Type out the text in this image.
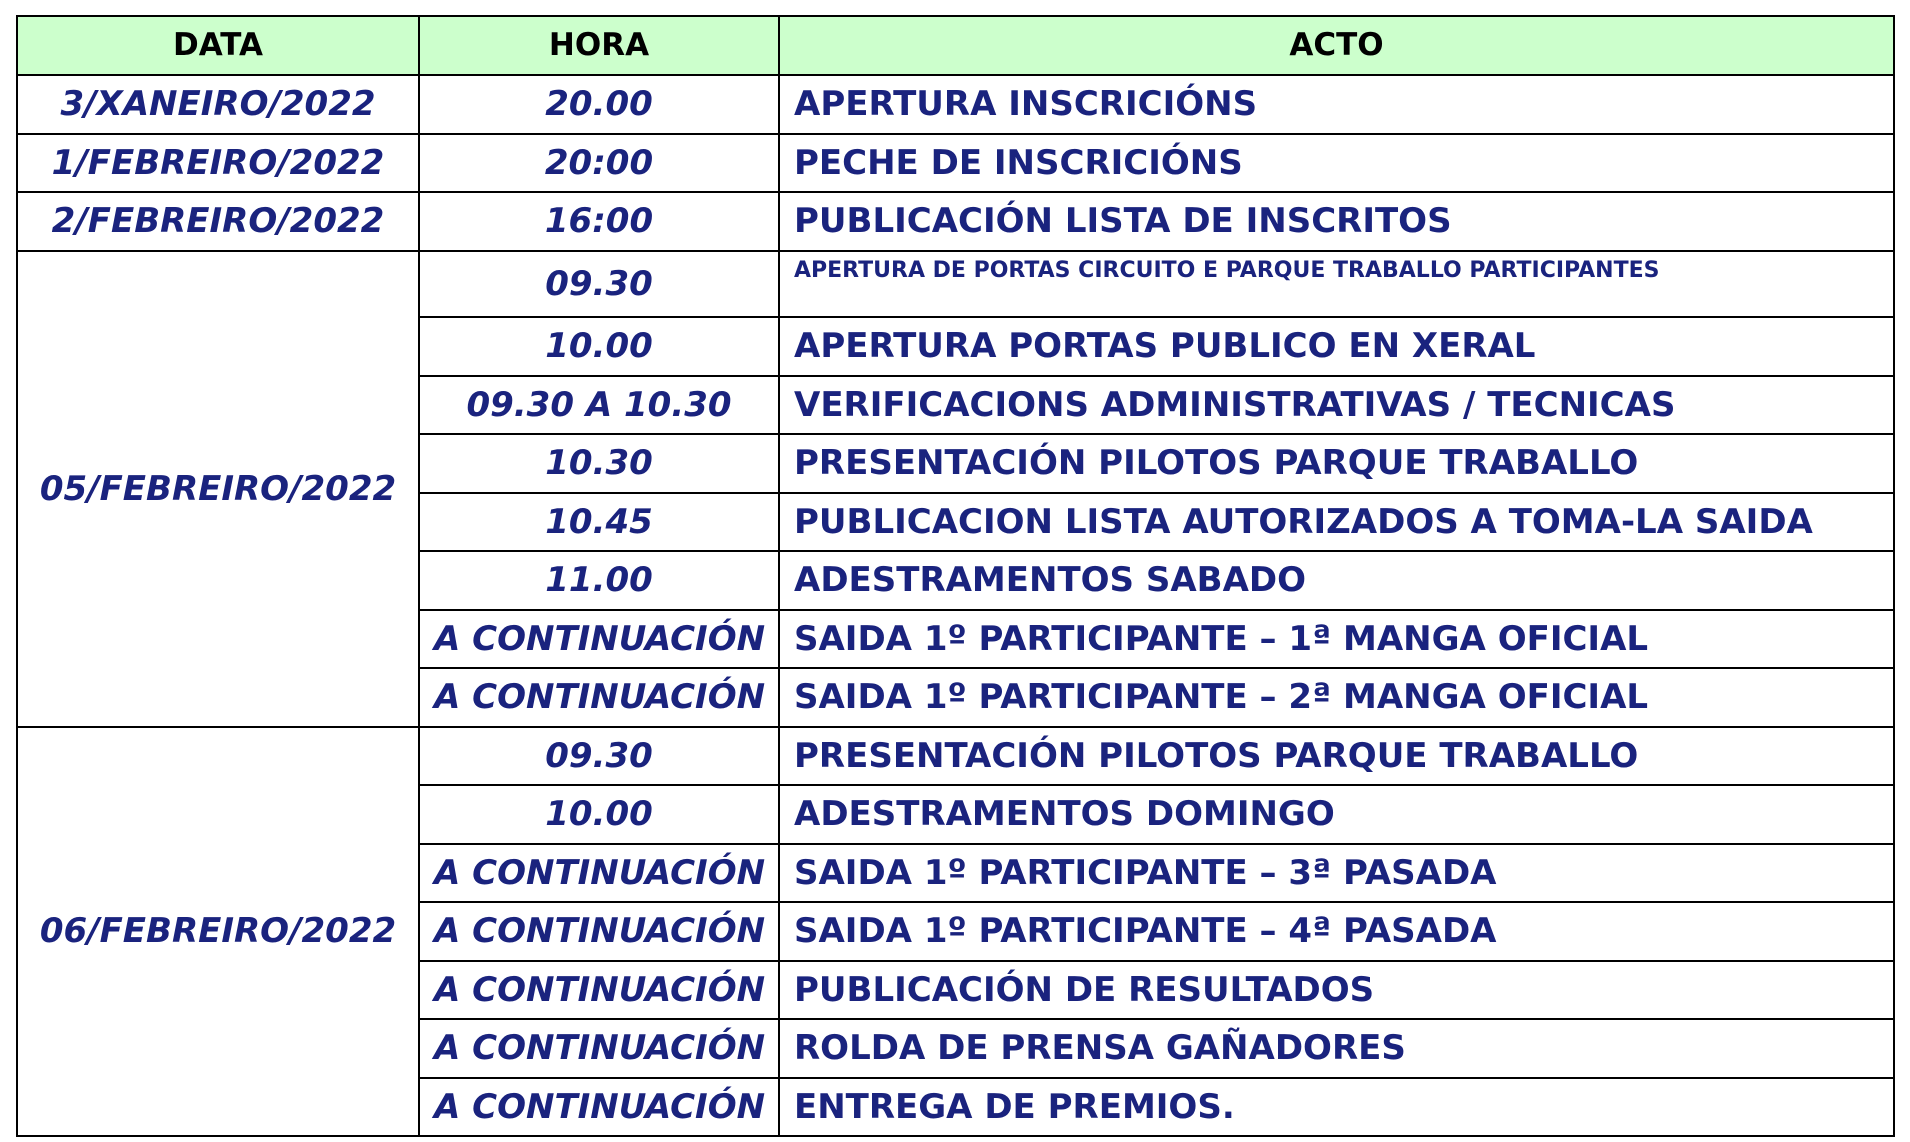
DATA	HORA	ACTO
3/XANEIRO/2022	20.00	APERTURA INSCRICIÓNS
1/FEBREIRO/2022	20:00	PECHE DE INSCRICIÓNS
2/FEBREIRO/2022	16:00	PUBLICACIÓN LISTA DE INSCRITOS
05/FEBREIRO/2022	09.30	APERTURA DE PORTAS CIRCUITO E PARQUE TRABALLO PARTICIPANTES
	10.00	APERTURA PORTAS PUBLICO EN XERAL
	09.30 A 10.30	VERIFICACIONS ADMINISTRATIVAS / TECNICAS
	10.30	PRESENTACIÓN PILOTOS PARQUE TRABALLO
	10.45	PUBLICACION LISTA AUTORIZADOS A TOMA-LA SAIDA
	11.00	ADESTRAMENTOS SABADO
	A CONTINUACIÓN	SAIDA 1º PARTICIPANTE – 1ª MANGA OFICIAL
	A CONTINUACIÓN	SAIDA 1º PARTICIPANTE – 2ª MANGA OFICIAL
06/FEBREIRO/2022	09.30	PRESENTACIÓN PILOTOS PARQUE TRABALLO
	10.00	ADESTRAMENTOS DOMINGO
	A CONTINUACIÓN	SAIDA 1º PARTICIPANTE – 3ª PASADA
	A CONTINUACIÓN	SAIDA 1º PARTICIPANTE – 4ª PASADA
	A CONTINUACIÓN	PUBLICACIÓN DE RESULTADOS
	A CONTINUACIÓN	ROLDA DE PRENSA GAÑADORES
	A CONTINUACIÓN	ENTREGA DE PREMIOS.
